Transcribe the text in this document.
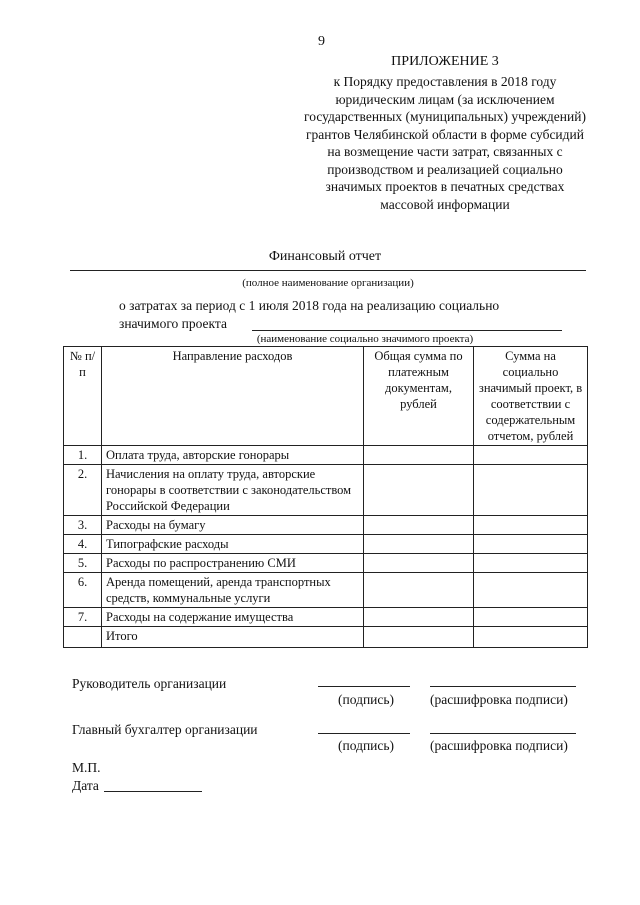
9
ПРИЛОЖЕНИЕ 3
к Порядку предоставления в 2018 году юридическим лицам (за исключением государственных (муниципальных) учреждений) грантов Челябинской области в форме субсидий на возмещение части затрат, связанных с производством и реализацией социально значимых проектов в печатных средствах массовой информации
Финансовый отчет
(полное наименование организации)
о затратах за период с 1 июля 2018 года на реализацию социально
значимого проекта
(наименование социально значимого проекта)
№ п/п	Направление расходов	Общая сумма по платежным документам, рублей	Сумма на социально значимый проект, в соответствии с содержательным отчетом, рублей
1.	Оплата труда, авторские гонорары		
2.	Начисления на оплату труда, авторские гонорары в соответствии с законодательством Российской Федерации		
3.	Расходы на бумагу		
4.	Типографские расходы		
5.	Расходы по распространению СМИ		
6.	Аренда помещений, аренда транспортных средств, коммунальные услуги		
7.	Расходы на содержание имущества		
	Итого		
Руководитель организации
(подпись)	(расшифровка подписи)
Главный бухгалтер организации
(подпись)	(расшифровка подписи)
М.П.
Дата
